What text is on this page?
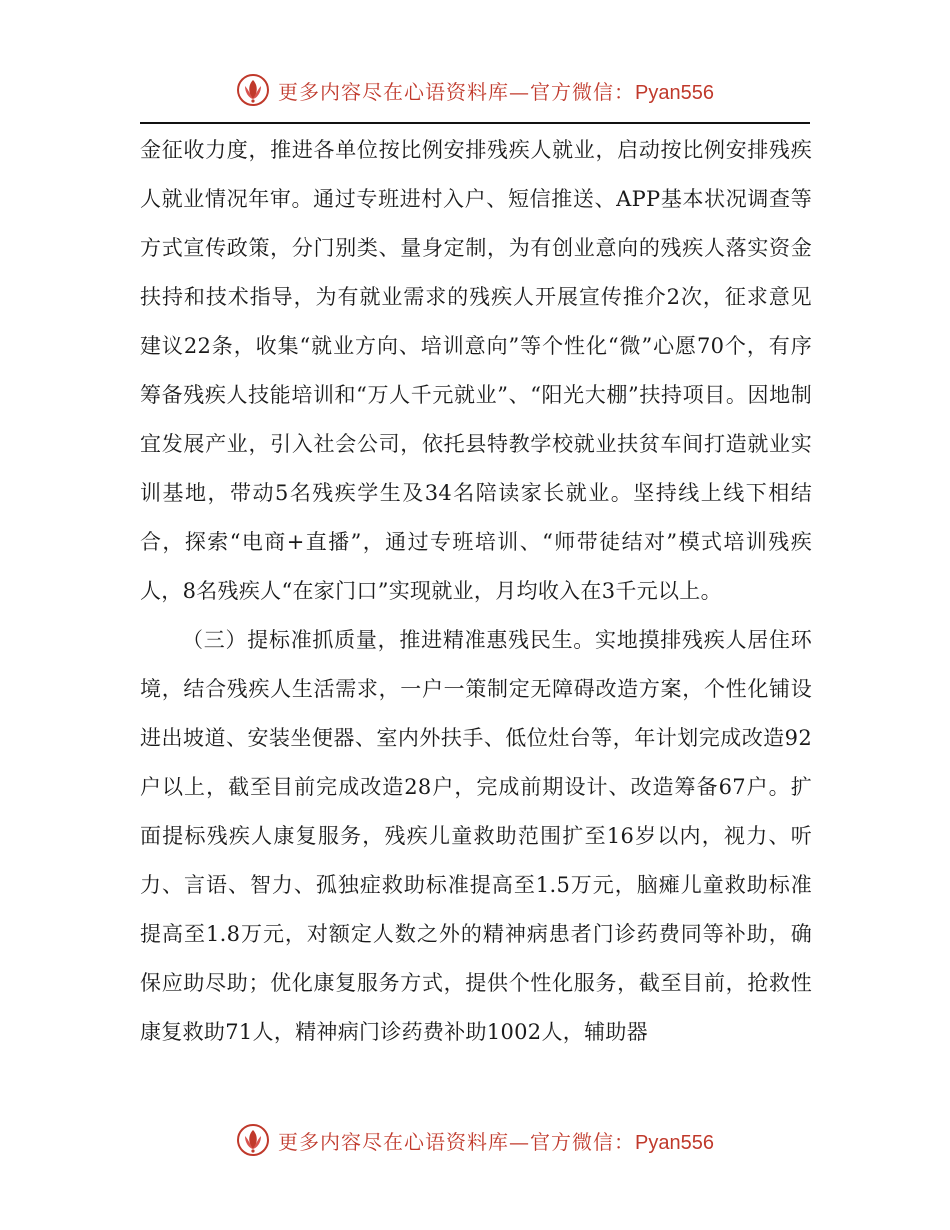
更多内容尽在心语资料库—官方微信：Pyan556

金征收力度，推进各单位按比例安排残疾人就业，启动按比例安排残疾人就业情况年审。通过专班进村入户、短信推送、APP基本状况调查等方式宣传政策，分门别类、量身定制，为有创业意向的残疾人落实资金扶持和技术指导，为有就业需求的残疾人开展宣传推介2次，征求意见建议22条，收集“就业方向、培训意向”等个性化“微”心愿70个，有序筹备残疾人技能培训和“万人千元就业”、“阳光大棚”扶持项目。因地制宜发展产业，引入社会公司，依托县特教学校就业扶贫车间打造就业实训基地，带动5名残疾学生及34名陪读家长就业。坚持线上线下相结合，探索“电商+直播”，通过专班培训、“师带徒结对”模式培训残疾人，8名残疾人“在家门口”实现就业，月均收入在3千元以上。

（三）提标准抓质量，推进精准惠残民生。实地摸排残疾人居住环境，结合残疾人生活需求，一户一策制定无障碍改造方案，个性化铺设进出坡道、安装坐便器、室内外扶手、低位灶台等，年计划完成改造92户以上，截至目前完成改造28户，完成前期设计、改造筹备67户。扩面提标残疾人康复服务，残疾儿童救助范围扩至16岁以内，视力、听力、言语、智力、孤独症救助标准提高至1.5万元，脑瘫儿童救助标准提高至1.8万元，对额定人数之外的精神病患者门诊药费同等补助，确保应助尽助；优化康复服务方式，提供个性化服务，截至目前，抢救性康复救助71人，精神病门诊药费补助1002人，辅助器

更多内容尽在心语资料库—官方微信：Pyan556
